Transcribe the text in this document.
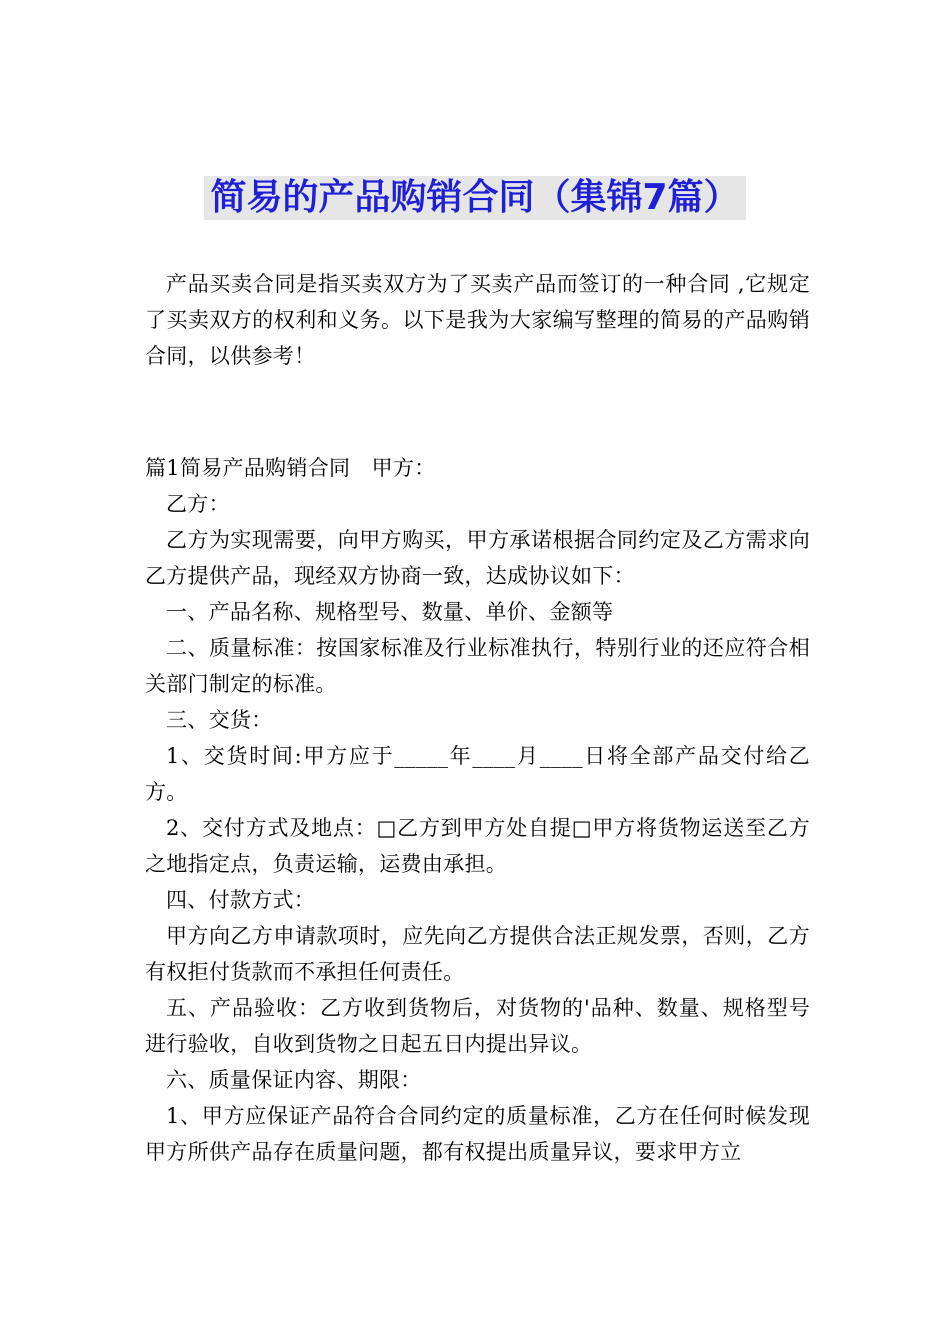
简易的产品购销合同（集锦7篇）

产品买卖合同是指买卖双方为了买卖产品而签订的一种合同 ,它规定了买卖双方的权利和义务。以下是我为大家编写整理的简易的产品购销合同，以供参考！

篇1简易产品购销合同　甲方：

乙方：

乙方为实现需要，向甲方购买，甲方承诺根据合同约定及乙方需求向乙方提供产品，现经双方协商一致，达成协议如下：

一、产品名称、规格型号、数量、单价、金额等

二、质量标准：按国家标准及行业标准执行，特别行业的还应符合相关部门制定的标准。

三、交货：

1、交货时间:甲方应于_____年____月____日将全部产品交付给乙方。

2、交付方式及地点：□乙方到甲方处自提□甲方将货物运送至乙方之地指定点，负责运输，运费由承担。

四、付款方式：

甲方向乙方申请款项时，应先向乙方提供合法正规发票，否则，乙方有权拒付货款而不承担任何责任。

五、产品验收：乙方收到货物后，对货物的'品种、数量、规格型号进行验收，自收到货物之日起五日内提出异议。

六、质量保证内容、期限：

1、甲方应保证产品符合合同约定的质量标准，乙方在任何时候发现甲方所供产品存在质量问题，都有权提出质量异议，要求甲方立
